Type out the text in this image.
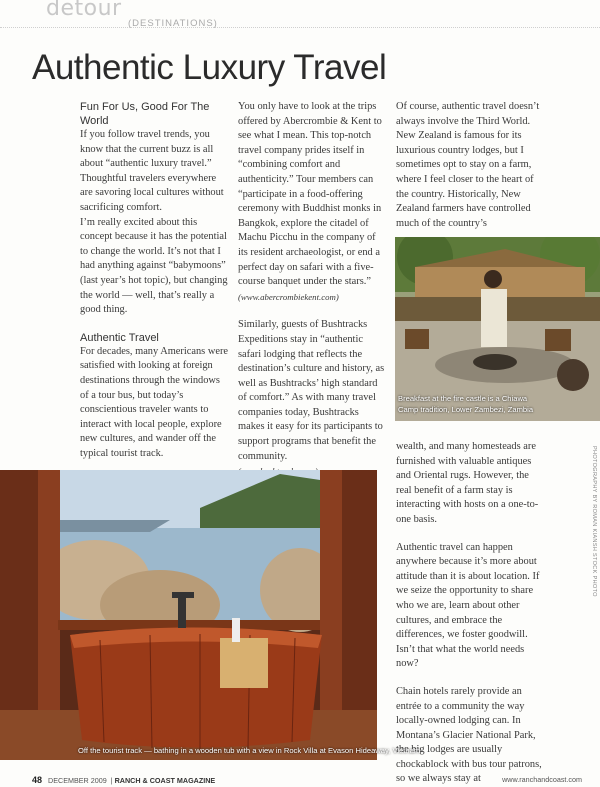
detour
(DESTINATIONS)
Authentic Luxury Travel

Fun For Us, Good For The World

If you follow travel trends, you know that the current buzz is all about “authentic luxury travel.” Thoughtful travelers everywhere are savoring local cultures without sacrificing comfort.

I’m really excited about this concept because it has the potential to change the world. It’s not that I had anything against “babymoons” (last year’s hot topic), but changing the world — well, that’s really a good thing.

Authentic Travel

For decades, many Americans were satisfied with looking at foreign destinations through the windows of a tour bus, but today’s conscientious traveler wants to interact with local people, explore new cultures, and wander off the typical tourist track.

You only have to look at the trips offered by Abercrombie & Kent to see what I mean. This top-notch travel company prides itself in “combining comfort and authenticity.” Tour members can “participate in a food-offering ceremony with Buddhist monks in Bangkok, explore the citadel of Machu Picchu in the company of its resident archaeologist, or end a perfect day on safari with a five-course banquet under the stars.” (www.abercrombiekent.com)

Similarly, guests of Bushtracks Expeditions stay in “authentic safari lodging that reflects the destination’s culture and history, as well as Bushtracks’ high standard of comfort.” As with many travel companies today, Bushtracks makes it easy for its participants to support programs that benefit the community.

Of course, authentic travel doesn’t always involve the Third World. New Zealand is famous for its luxurious country lodges, but I sometimes opt to stay on a farm, where I feel closer to the heart of the country. Historically, New Zealand farmers have controlled much of the country’s

Breakfast at the fire castle is a Chiawa
Camp tradition, Lower Zambezi, Zambia

wealth, and many homesteads are furnished with valuable antiques and Oriental rugs. However, the real benefit of a farm stay is interacting with hosts on a one-to-one basis.

Authentic travel can happen anywhere because it’s more about attitude than it is about location. If we seize the opportunity to share who we are, learn about other cultures, and embrace the differences, we foster goodwill. Isn’t that what the world needs now?

Chain hotels rarely provide an entrée to a community the way locally-owned lodging can. In Montana’s Glacier National Park, the big lodges are usually chockablock with bus tour patrons, so we always stay at

PHOTOGRAPHY BY ROMAN KIANSH STOCK PHOTO
Off the tourist track — bathing in a wooden tub with a view in Rock Villa at Evason Hideaway, Vietnam
48 DECEMBER 2009  | RANCH & COAST MAGAZINE	www.ranchandcoast.com
